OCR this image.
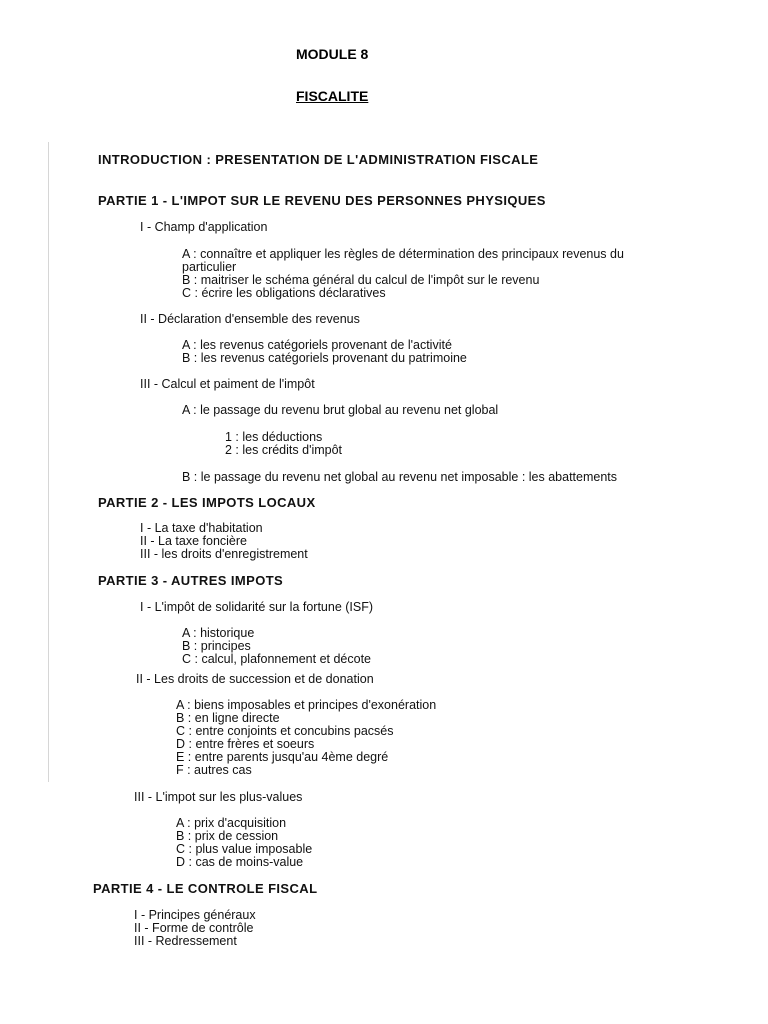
MODULE 8
FISCALITE
INTRODUCTION : PRESENTATION DE L'ADMINISTRATION FISCALE
PARTIE 1 - L'IMPOT SUR LE REVENU DES PERSONNES PHYSIQUES
I - Champ d'application
A : connaître et appliquer les règles de détermination des principaux revenus du
particulier
B : maitriser le schéma général du calcul de l'impôt sur le revenu
C : écrire les obligations déclaratives
II - Déclaration d'ensemble des revenus
A : les revenus catégoriels provenant de l'activité
B : les revenus catégoriels provenant du patrimoine
III - Calcul et paiment de l'impôt
A : le passage du revenu brut global au revenu net global
1 : les déductions
2 : les crédits d'impôt
B : le passage du revenu net global au revenu net imposable : les abattements
PARTIE 2 - LES IMPOTS LOCAUX
I - La taxe d'habitation
II - La taxe foncière
III - les droits d'enregistrement
PARTIE 3 - AUTRES IMPOTS
I - L'impôt de solidarité sur la fortune (ISF)
A : historique
B : principes
C : calcul, plafonnement et décote
II - Les droits de succession et de donation
A : biens imposables et principes d'exonération
B : en ligne directe
C : entre conjoints et concubins pacsés
D : entre frères et soeurs
E : entre parents jusqu'au 4ème degré
F : autres cas
III - L'impot sur les plus-values
A : prix d'acquisition
B : prix de cession
C : plus value imposable
D : cas de moins-value
PARTIE 4 - LE CONTROLE FISCAL
I - Principes généraux
II - Forme de contrôle
III - Redressement
